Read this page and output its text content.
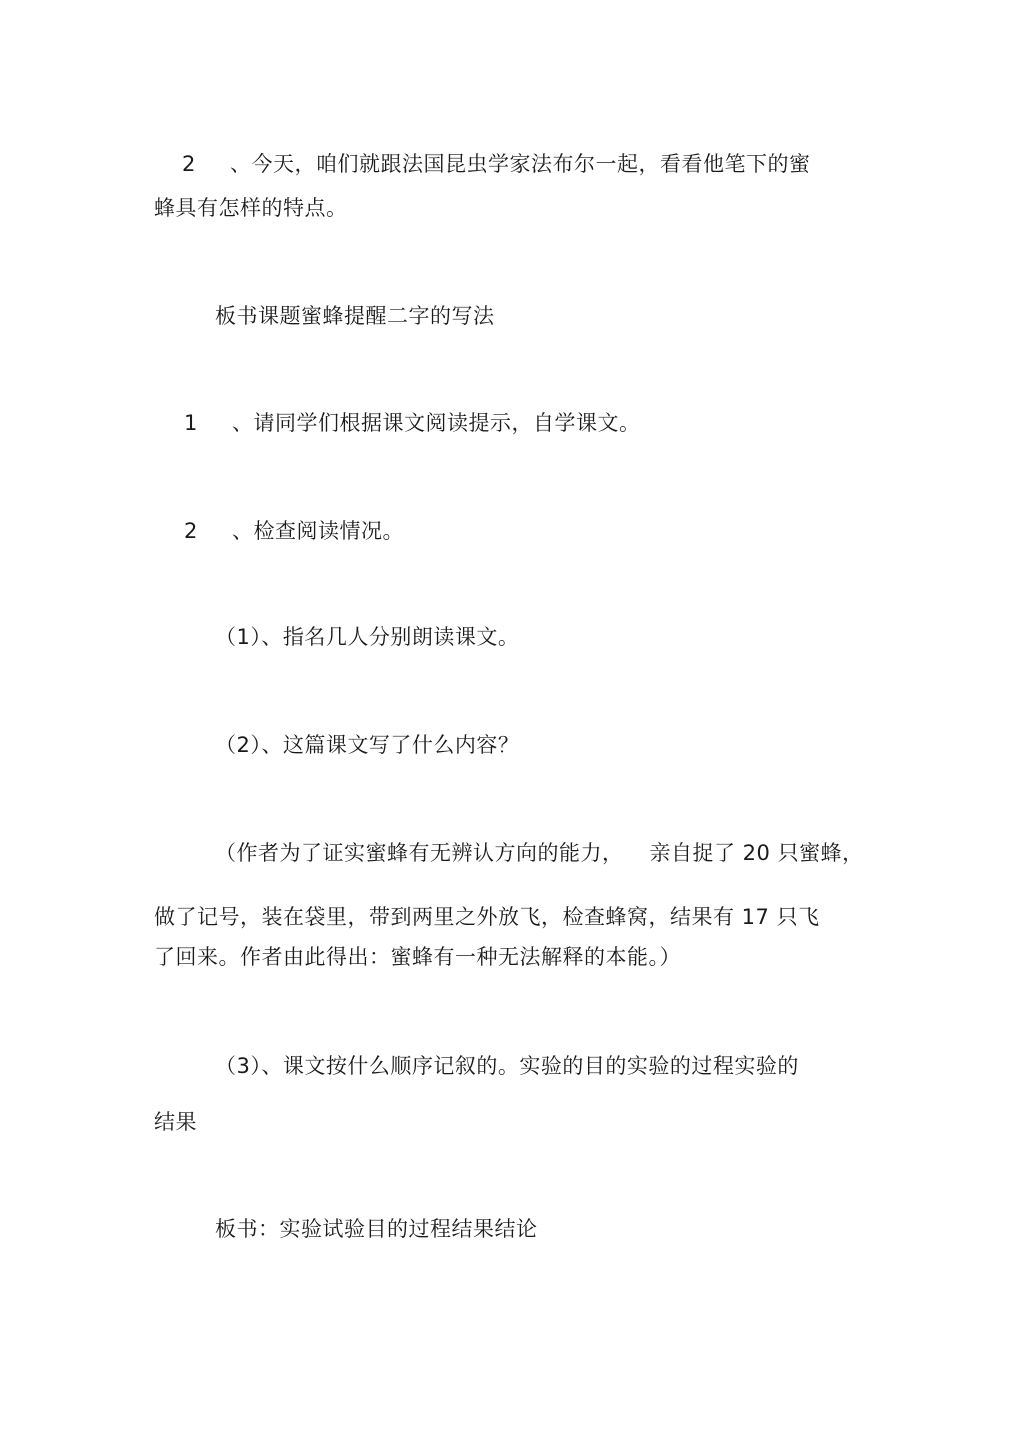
2 、今天，咱们就跟法国昆虫学家法布尔一起，看看他笔下的蜜
蜂具有怎样的特点。
板书课题蜜蜂提醒二字的写法
1 、请同学们根据课文阅读提示，自学课文。
2 、检查阅读情况。
（1）、指名几人分别朗读课文。
（2）、这篇课文写了什么内容？
（作者为了证实蜜蜂有无辨认方向的能力， 亲自捉了 20 只蜜蜂，
做了记号，装在袋里，带到两里之外放飞，检查蜂窝，结果有 17 只飞
了回来。作者由此得出：蜜蜂有一种无法解释的本能。）
（3）、课文按什么顺序记叙的。实验的目的实验的过程实验的
结果
板书：实验试验目的过程结果结论
